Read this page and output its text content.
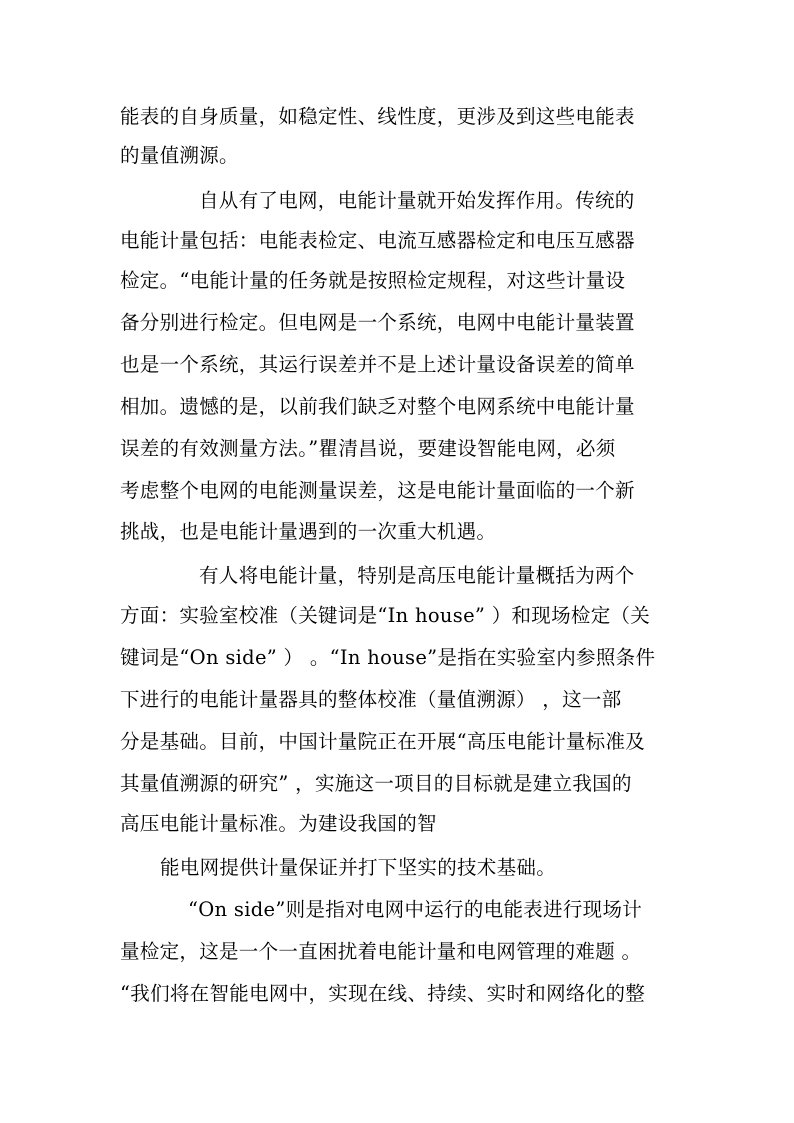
能表的自身质量，如稳定性、线性度，更涉及到这些电能表
的量值溯源。
自从有了电网，电能计量就开始发挥作用。传统的
电能计量包括：电能表检定、电流互感器检定和电压互感器
检定。“电能计量的任务就是按照检定规程，对这些计量设
备分别进行检定。但电网是一个系统，电网中电能计量装置
也是一个系统，其运行误差并不是上述计量设备误差的简单
相加。遗憾的是，以前我们缺乏对整个电网系统中电能计量
误差的有效测量方法。”瞿清昌说，要建设智能电网，必须
考虑整个电网的电能测量误差，这是电能计量面临的一个新
挑战，也是电能计量遇到的一次重大机遇。
有人将电能计量，特别是高压电能计量概括为两个
方面：实验室校准（关键词是“In house” ）和现场检定（关
键词是“On side” ） 。“In house”是指在实验室内参照条件
下进行的电能计量器具的整体校准（量值溯源） ，这一部
分是基础。目前，中国计量院正在开展“高压电能计量标准及
其量值溯源的研究” ，实施这一项目的目标就是建立我国的
高压电能计量标准。为建设我国的智
能电网提供计量保证并打下坚实的技术基础。
“On side”则是指对电网中运行的电能表进行现场计
量检定，这是一个一直困扰着电能计量和电网管理的难题 。
“我们将在智能电网中，实现在线、持续、实时和网络化的整
